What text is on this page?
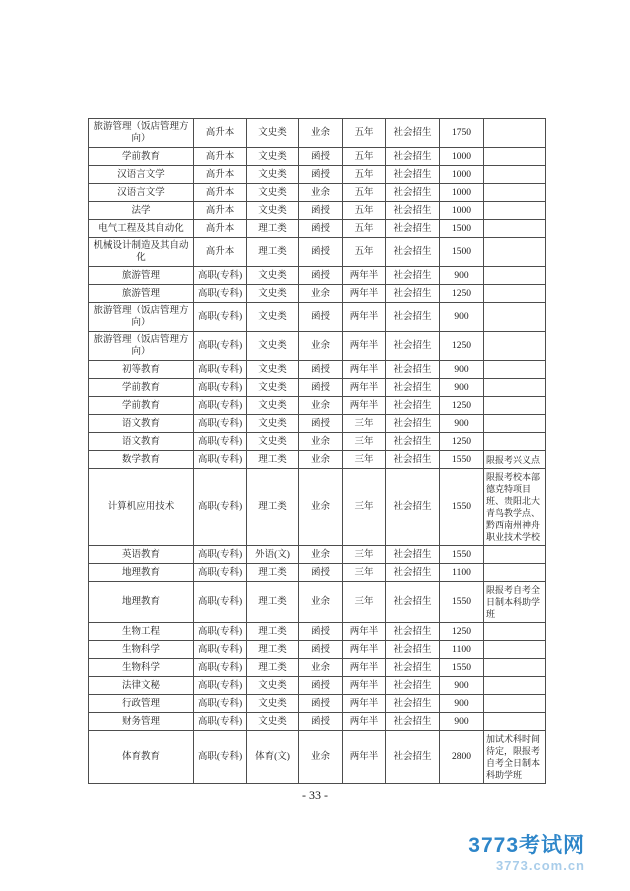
旅游管理（饭店管理方向）	高升本	文史类	业余	五年	社会招生	1750	
学前教育	高升本	文史类	函授	五年	社会招生	1000	
汉语言文学	高升本	文史类	函授	五年	社会招生	1000	
汉语言文学	高升本	文史类	业余	五年	社会招生	1000	
法学	高升本	文史类	函授	五年	社会招生	1000	
电气工程及其自动化	高升本	理工类	函授	五年	社会招生	1500	
机械设计制造及其自动化	高升本	理工类	函授	五年	社会招生	1500	
旅游管理	高职(专科)	文史类	函授	两年半	社会招生	900	
旅游管理	高职(专科)	文史类	业余	两年半	社会招生	1250	
旅游管理（饭店管理方向）	高职(专科)	文史类	函授	两年半	社会招生	900	
旅游管理（饭店管理方向）	高职(专科)	文史类	业余	两年半	社会招生	1250	
初等教育	高职(专科)	文史类	函授	两年半	社会招生	900	
学前教育	高职(专科)	文史类	函授	两年半	社会招生	900	
学前教育	高职(专科)	文史类	业余	两年半	社会招生	1250	
语文教育	高职(专科)	文史类	函授	三年	社会招生	900	
语文教育	高职(专科)	文史类	业余	三年	社会招生	1250	
数学教育	高职(专科)	理工类	业余	三年	社会招生	1550	限报考兴义点
计算机应用技术	高职(专科)	理工类	业余	三年	社会招生	1550	限报考校本部德克特项目班、贵阳北大青鸟教学点、黔西南州神舟职业技术学校
英语教育	高职(专科)	外语(文)	业余	三年	社会招生	1550	
地理教育	高职(专科)	理工类	函授	三年	社会招生	1100	
地理教育	高职(专科)	理工类	业余	三年	社会招生	1550	限报考自考全日制本科助学班
生物工程	高职(专科)	理工类	函授	两年半	社会招生	1250	
生物科学	高职(专科)	理工类	函授	两年半	社会招生	1100	
生物科学	高职(专科)	理工类	业余	两年半	社会招生	1550	
法律文秘	高职(专科)	文史类	函授	两年半	社会招生	900	
行政管理	高职(专科)	文史类	函授	两年半	社会招生	900	
财务管理	高职(专科)	文史类	函授	两年半	社会招生	900	
体育教育	高职(专科)	体育(文)	业余	两年半	社会招生	2800	加试术科时间待定，限报考自考全日制本科助学班
- 33 -
3773考试网
3773.com.cn
